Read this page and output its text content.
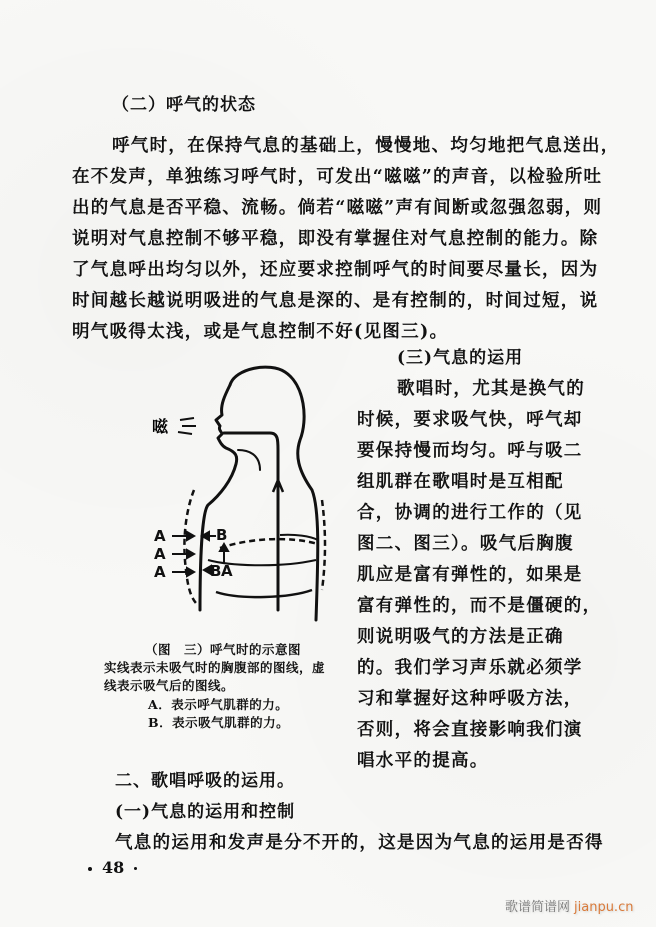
（二）呼气的状态
呼气时，在保持气息的基础上，慢慢地、均匀地把气息送出，
在不发声，单独练习呼气时，可发出“嗞嗞”的声音，以检验所吐
出的气息是否平稳、流畅。倘若“嗞嗞”声有间断或忽强忽弱，则
说明对气息控制不够平稳，即没有掌握住对气息控制的能力。除
了气息呼出均匀以外，还应要求控制呼气的时间要尽量长，因为
时间越长越说明吸进的气息是深的、是有控制的，时间过短，说
明气吸得太浅，或是气息控制不好(见图三)。
(三)气息的运用
歌唱时，尤其是换气的
时候，要求吸气快，呼气却
要保持慢而均匀。呼与吸二
组肌群在歌唱时是互相配
合，协调的进行工作的（见
图二、图三）。吸气后胸腹
肌应是富有弹性的，如果是
富有弹性的，而不是僵硬的，
则说明吸气的方法是正确
的。我们学习声乐就必须学
习和掌握好这种呼吸方法，
否则，将会直接影响我们演
唱水平的提高。
嗞
A
A
A
B
B A
（图　三）呼气时的示意图
实线表示未吸气时的胸腹部的图线，虚
线表示吸气后的图线。
A．表示呼气肌群的力。
B．表示吸气肌群的力。
二、歌唱呼吸的运用。
(一)气息的运用和控制
气息的运用和发声是分不开的，这是因为气息的运用是否得
48
歌谱简谱网 jianpu.cn
